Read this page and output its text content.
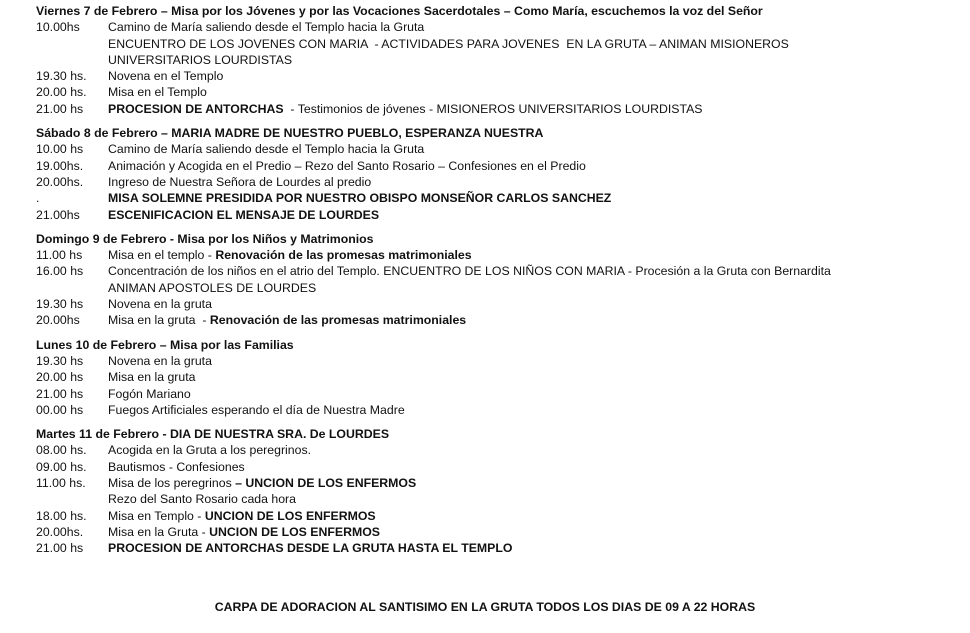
Viernes 7 de Febrero – Misa por los Jóvenes y por las Vocaciones Sacerdotales – Como María, escuchemos la voz del Señor
10.00hs	Camino de María saliendo desde el Templo hacia la Gruta
ENCUENTRO DE LOS JOVENES CON MARIA  - ACTIVIDADES PARA JOVENES  EN LA GRUTA – ANIMAN MISIONEROS
UNIVERSITARIOS LOURDISTAS
19.30 hs.	Novena en el Templo
20.00 hs.	Misa en el Templo
21.00 hs	PROCESION DE ANTORCHAS  - Testimonios de jóvenes - MISIONEROS UNIVERSITARIOS LOURDISTAS
Sábado 8 de Febrero – MARIA MADRE DE NUESTRO PUEBLO, ESPERANZA NUESTRA
10.00 hs	Camino de María saliendo desde el Templo hacia la Gruta
19.00hs.	Animación y Acogida en el Predio – Rezo del Santo Rosario – Confesiones en el Predio
20.00hs.	Ingreso de Nuestra Señora de Lourdes al predio
.	MISA SOLEMNE PRESIDIDA POR NUESTRO OBISPO MONSEÑOR CARLOS SANCHEZ
21.00hs	ESCENIFICACION EL MENSAJE DE LOURDES
Domingo 9 de Febrero - Misa por los Niños y Matrimonios
11.00 hs	Misa en el templo - Renovación de las promesas matrimoniales
16.00 hs	Concentración de los niños en el atrio del Templo. ENCUENTRO DE LOS NIÑOS CON MARIA - Procesión a la Gruta con Bernardita
ANIMAN APOSTOLES DE LOURDES
19.30 hs	Novena en la gruta
20.00hs	Misa en la gruta  - Renovación de las promesas matrimoniales
Lunes 10 de Febrero – Misa por las Familias
19.30 hs	Novena en la gruta
20.00 hs	Misa en la gruta
21.00 hs	Fogón Mariano
00.00 hs	Fuegos Artificiales esperando el día de Nuestra Madre
Martes 11 de Febrero - DIA DE NUESTRA SRA. De LOURDES
08.00 hs.	Acogida en la Gruta a los peregrinos.
09.00 hs.	Bautismos - Confesiones
11.00 hs.	Misa de los peregrinos – UNCION DE LOS ENFERMOS
Rezo del Santo Rosario cada hora
18.00 hs.	Misa en Templo - UNCION DE LOS ENFERMOS
20.00hs.	Misa en la Gruta - UNCION DE LOS ENFERMOS
21.00 hs	PROCESION DE ANTORCHAS DESDE LA GRUTA HASTA EL TEMPLO
CARPA DE ADORACION AL SANTISIMO EN LA GRUTA TODOS LOS DIAS DE 09 A 22 HORAS
